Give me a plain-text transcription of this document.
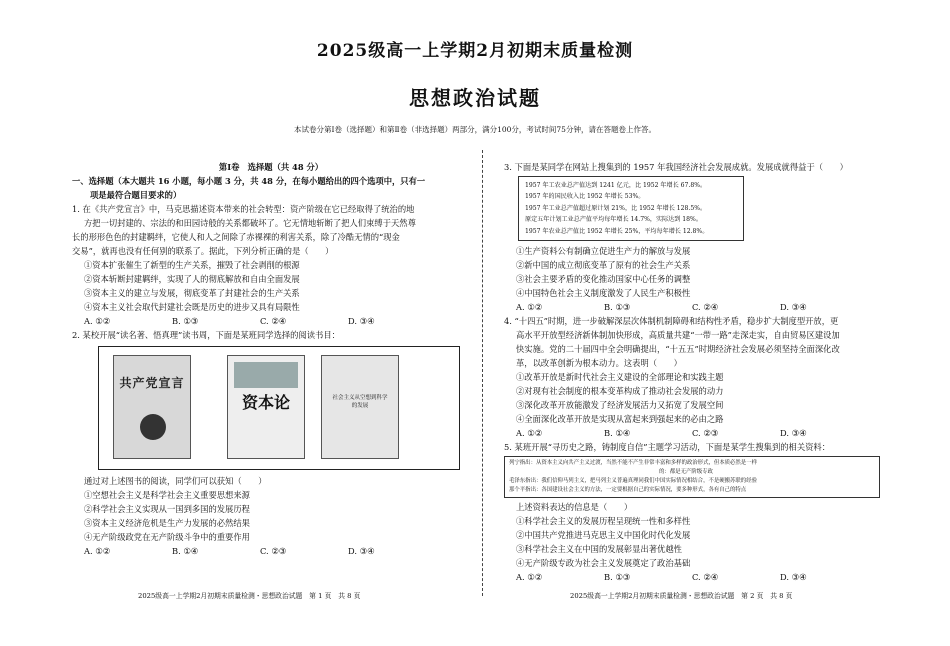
2025级高一上学期2月初期末质量检测
思想政治试题
本试卷分第Ⅰ卷（选择题）和第Ⅱ卷（非选择题）两部分，满分100分，考试时间75分钟，请在答题卷上作答。
第Ⅰ卷　选择题（共 48 分）
一、选择题（本大题共 16 小题，每小题 3 分，共 48 分，在每小题给出的四个选项中，只有一
项是最符合题目要求的）
1. 在《共产党宣言》中，马克思描述资本带来的社会转型：资产阶级在它已经取得了统治的地
方把一切封建的、宗法的和田园诗般的关系都破坏了。它无情地斩断了把人们束缚于天然尊
长的形形色色的封建羁绊，它使人和人之间除了赤裸裸的利害关系，除了冷酷无情的“现金
交易”，就再也没有任何别的联系了。据此，下列分析正确的是（　　）
①资本扩张催生了新型的生产关系，摧毁了社会剥削的根源
②资本斩断封建羁绊，实现了人的彻底解放和自由全面发展
③资本主义的建立与发展，彻底变革了封建社会的生产关系
④资本主义社会取代封建社会既是历史的进步又具有局限性
A. ①②	B. ①③	C. ②④	D. ③④
2. 某校开展“读名著、悟真理”读书周，下面是某班同学选择的阅读书目：
共产党宣言
资本论	社会主义从空想到科学的发展
通过对上述图书的阅读，同学们可以获知（　　）
①空想社会主义是科学社会主义重要思想来源
②科学社会主义实现从一国到多国的发展历程
③资本主义经济危机是生产力发展的必然结果
④无产阶级政党在无产阶级斗争中的重要作用
A. ①②	B. ①④	C. ②③	D. ③④
3. 下面是某同学在网站上搜集到的 1957 年我国经济社会发展成就。发展成就得益于（　　）
1957 年工农业总产值达到 1241 亿元，比 1952 年增长 67.8%。
1957 年的国民收入比 1952 年增长 53%。
1957 年工业总产值超过原计划 21%，比 1952 年增长 128.5%。
原定五年计划工业总产值平均每年增长 14.7%，实际达到 18%。
1957 年农业总产值比 1952 年增长 25%，平均每年增长 12.8%。
①生产资料公有制确立促进生产力的解放与发展
②新中国的成立彻底变革了原有的社会生产关系
③社会主要矛盾的变化推动国家中心任务的调整
④中国特色社会主义制度激发了人民生产积极性
A. ①②	B. ①③	C. ②④	D. ③④
4. “十四五”时期，进一步破解深层次体制机制障碍和结构性矛盾，稳步扩大制度型开放，更
高水平开放型经济新体制加快形成，高质量共建“一带一路”走深走实，自由贸易区建设加
快实施。党的二十届四中全会明确提出，“十五五”时期经济社会发展必须坚持全面深化改
革，以改革创新为根本动力。这表明（　　）
①改革开放是新时代社会主义建设的全部理论和实践主题
②对现有社会制度的根本变革构成了推动社会发展的动力
③深化改革开放能激发了经济发展活力又拓宽了发展空间
④全面深化改革开放是实现从富起来到强起来的必由之路
A. ①②	B. ①④	C. ②③	D. ③④
5. 某班开展“寻历史之路，铸制度自信”主题学习活动，下面是某学生搜集到的相关资料：
列宁指出：从资本主义向共产主义过渡，当然不能不产生非常丰富和多样的政治形式，但本质必然是一样
的：都是无产阶级专政
毛泽东指出：我们信仰马列主义，把马列主义普遍真理同我们中国实际情况相结合，不是硬搬苏联的经验
那个平指出：各国建设社会主义的方法，一定要根据自己的实际情况，要多种形式，各有自己的特点
上述资料表达的信息是（　　）
①科学社会主义的发展历程呈现统一性和多样性
②中国共产党推进马克思主义中国化时代化发展
③科学社会主义在中国的发展彰显出著优越性
④无产阶级专政为社会主义发展奠定了政治基础
A. ①②	B. ①③	C. ②④	D. ③④
2025级高一上学期2月初期末质量检测・思想政治试题　第 1 页　共 8 页	2025级高一上学期2月初期末质量检测・思想政治试题　第 2 页　共 8 页
